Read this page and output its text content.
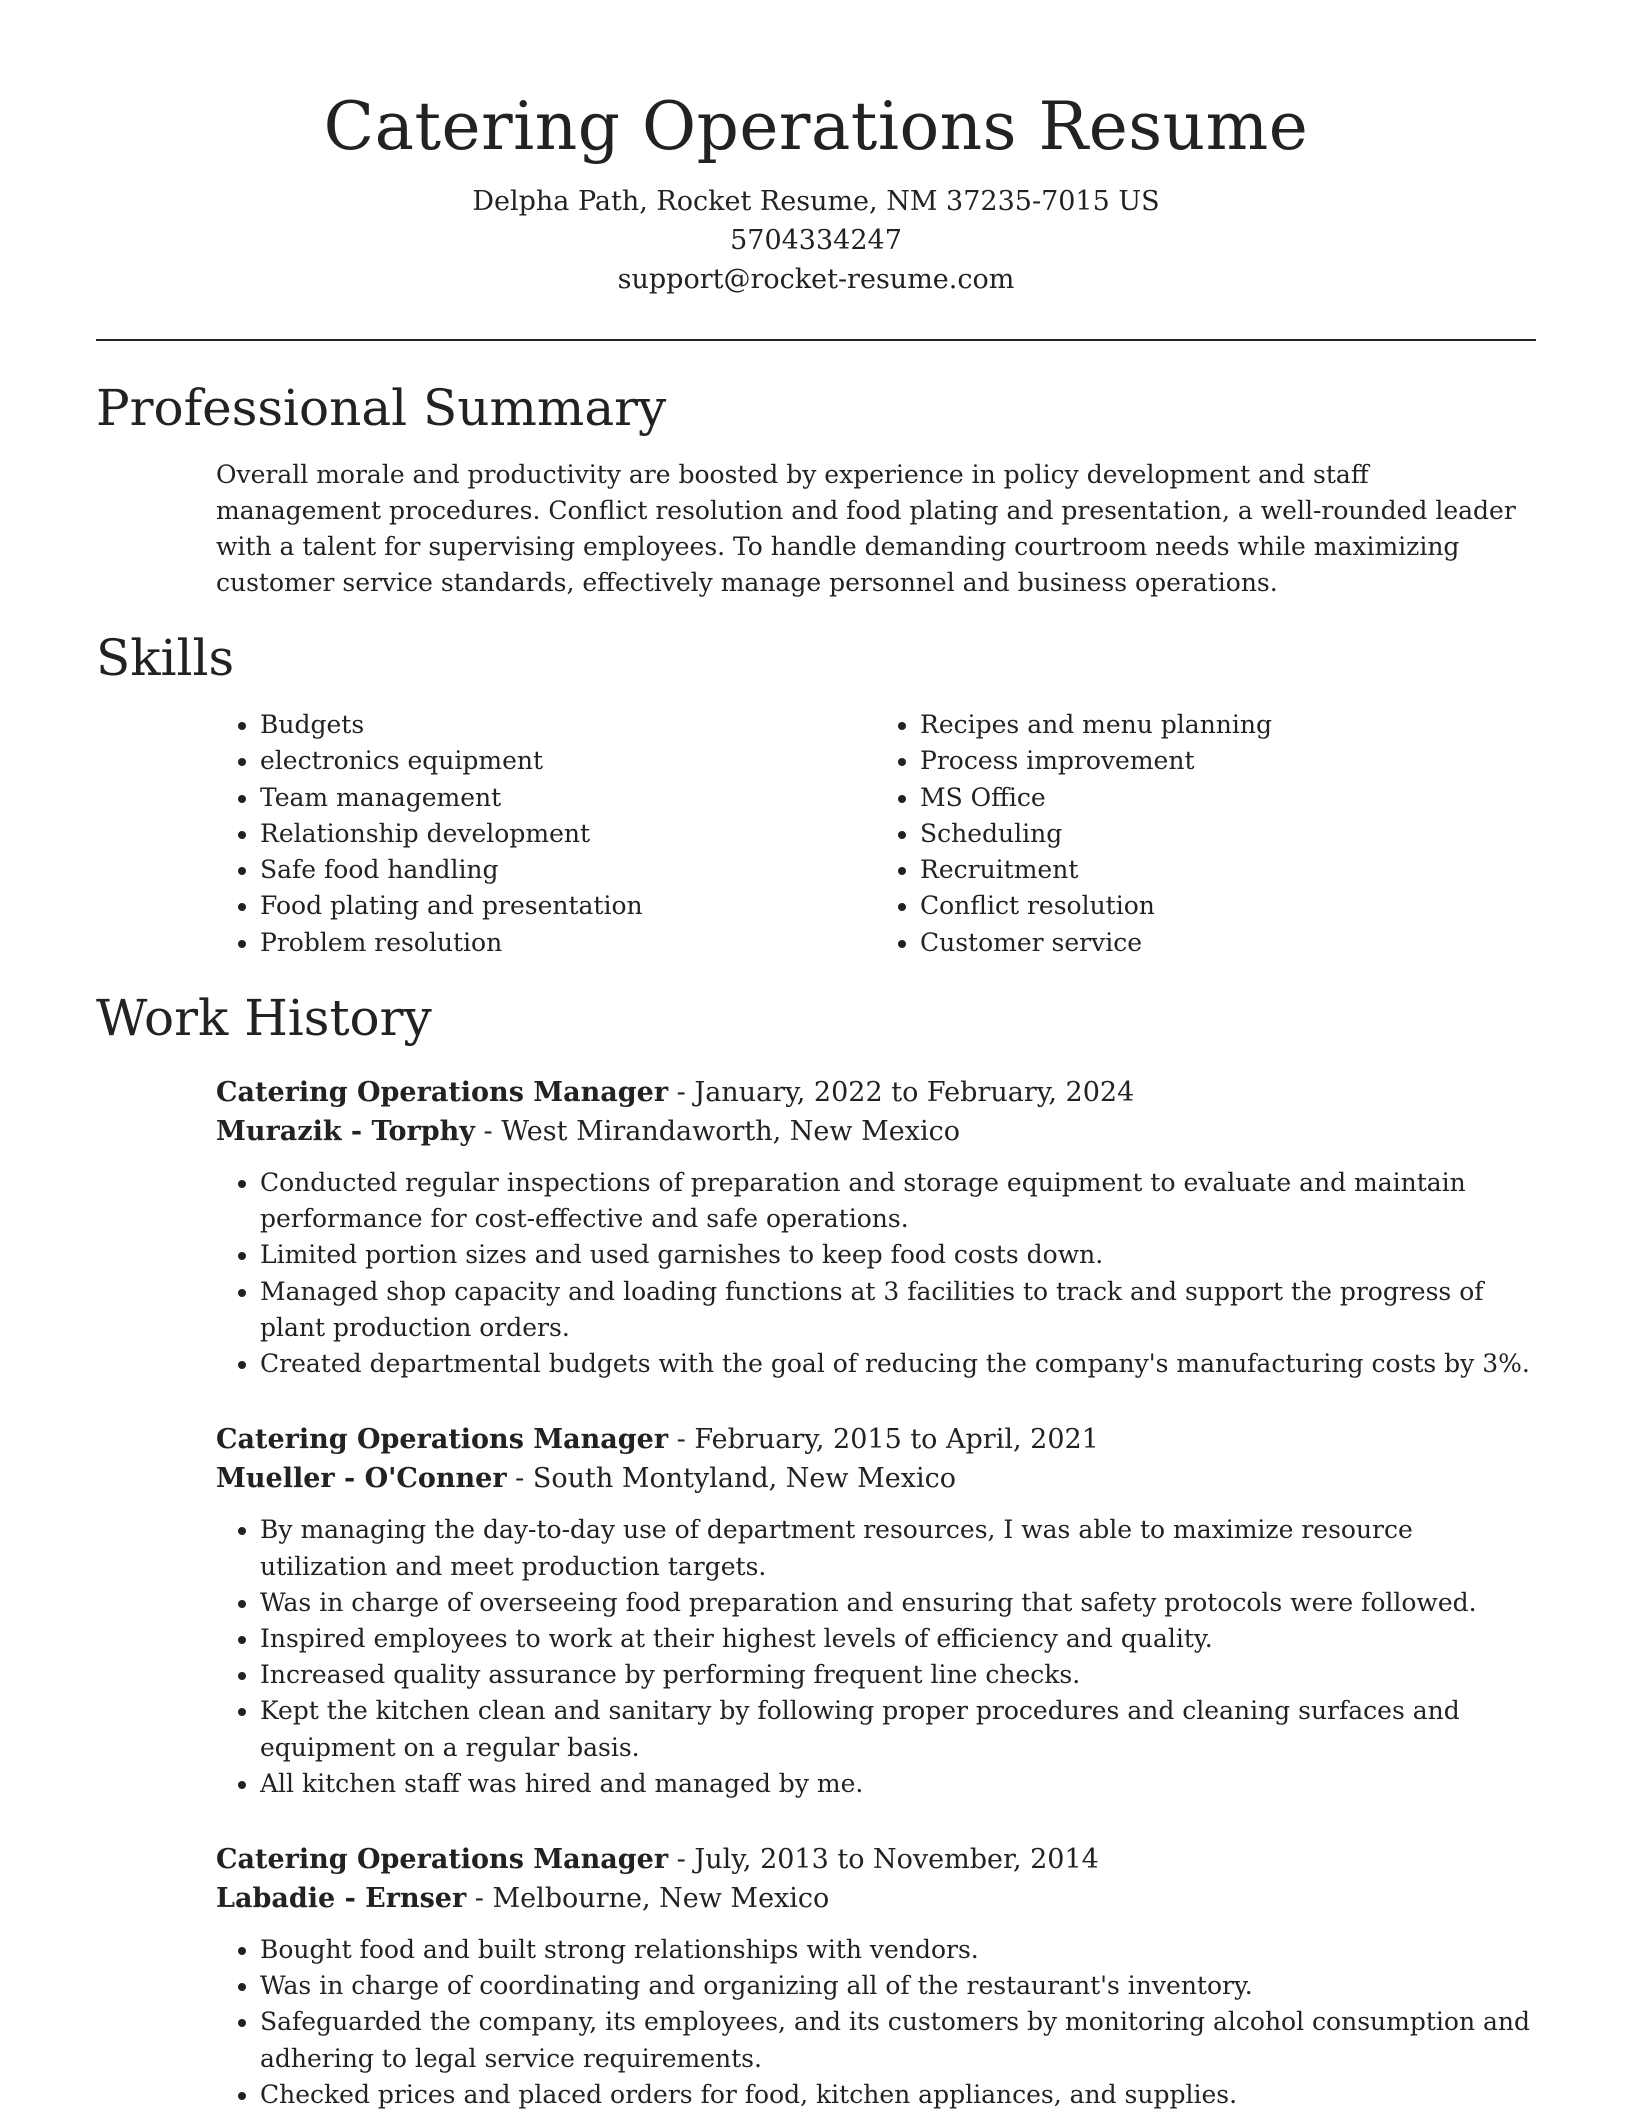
Catering Operations Resume
Delpha Path, Rocket Resume, NM 37235-7015 US
5704334247
support@rocket-resume.com
Professional Summary

Overall morale and productivity are boosted by experience in policy development and staff management procedures. Conflict resolution and food plating and presentation, a well-rounded leader with a talent for supervising employees. To handle demanding courtroom needs while maximizing customer service standards, effectively manage personnel and business operations.

Skills
• Budgets
• electronics equipment
• Team management
• Relationship development
• Safe food handling
• Food plating and presentation
• Problem resolution
• Recipes and menu planning
• Process improvement
• MS Office
• Scheduling
• Recruitment
• Conflict resolution
• Customer service
Work History
Catering Operations Manager - January, 2022 to February, 2024
Murazik - Torphy - West Mirandaworth, New Mexico
• Conducted regular inspections of preparation and storage equipment to evaluate and maintain performance for cost-effective and safe operations.
• Limited portion sizes and used garnishes to keep food costs down.
• Managed shop capacity and loading functions at 3 facilities to track and support the progress of plant production orders.
• Created departmental budgets with the goal of reducing the company's manufacturing costs by 3%.
Catering Operations Manager - February, 2015 to April, 2021
Mueller - O'Conner - South Montyland, New Mexico
• By managing the day-to-day use of department resources, I was able to maximize resource utilization and meet production targets.
• Was in charge of overseeing food preparation and ensuring that safety protocols were followed.
• Inspired employees to work at their highest levels of efficiency and quality.
• Increased quality assurance by performing frequent line checks.
• Kept the kitchen clean and sanitary by following proper procedures and cleaning surfaces and equipment on a regular basis.
• All kitchen staff was hired and managed by me.
Catering Operations Manager - July, 2013 to November, 2014
Labadie - Ernser - Melbourne, New Mexico
• Bought food and built strong relationships with vendors.
• Was in charge of coordinating and organizing all of the restaurant's inventory.
• Safeguarded the company, its employees, and its customers by monitoring alcohol consumption and adhering to legal service requirements.
• Checked prices and placed orders for food, kitchen appliances, and supplies.
